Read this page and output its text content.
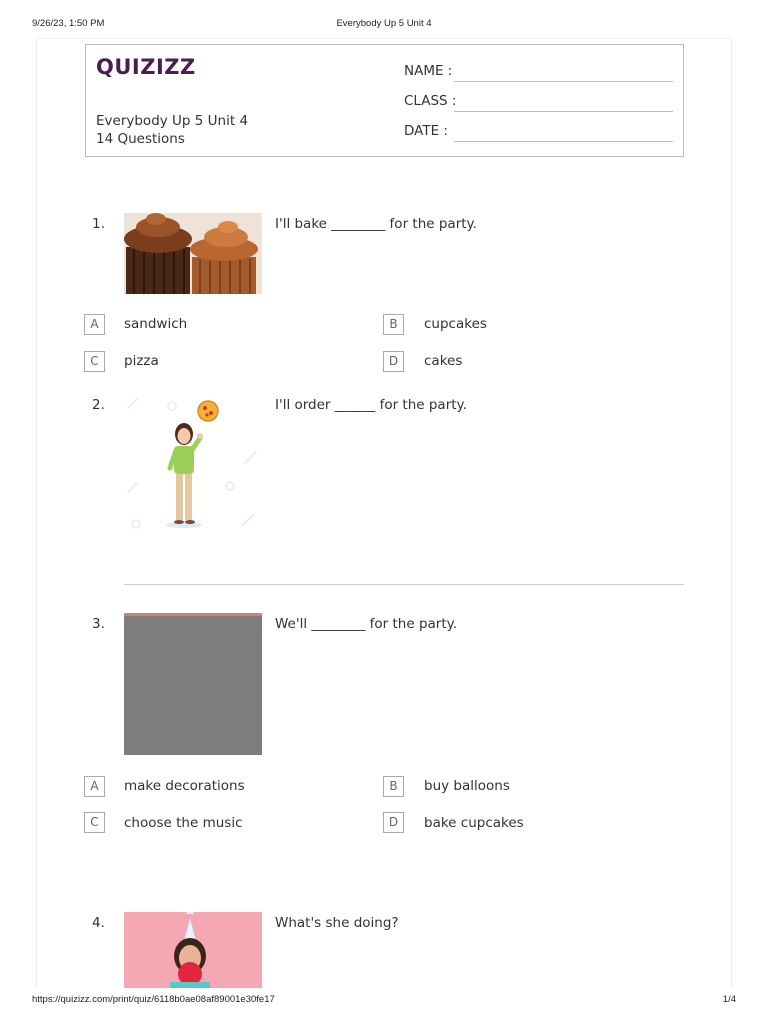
9/26/23, 1:50 PM	Everybody Up 5 Unit 4
QUIZIZZ
Everybody Up 5 Unit 4
14 Questions
NAME :
CLASS :
DATE :
1.	I'll bake ________ for the party.
A	sandwich	B	cupcakes
C	pizza	D	cakes
2.	I'll order ______ for the party.
3.	We'll ________ for the party.
A	make decorations	B	buy balloons
C	choose the music	D	bake cupcakes
4.	What's she doing?
https://quizizz.com/print/quiz/6118b0ae08af89001e30fe17	1/4
